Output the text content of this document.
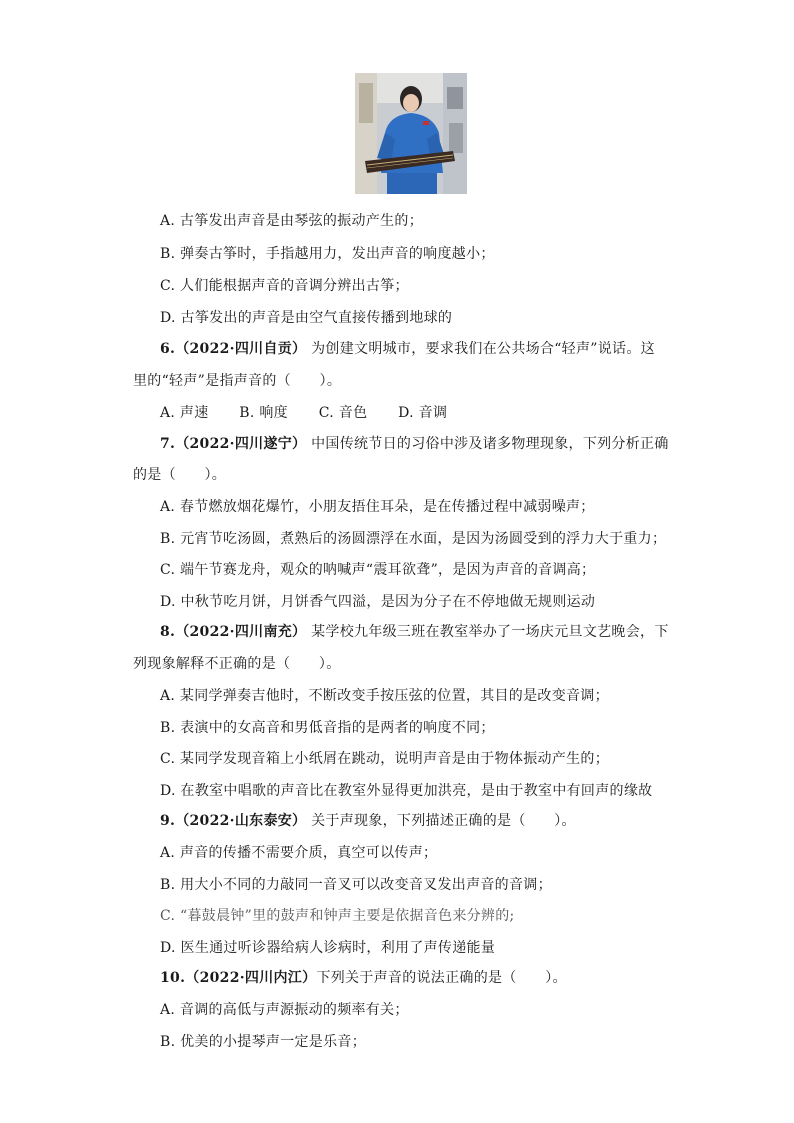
A. 古筝发出声音是由琴弦的振动产生的；
B. 弹奏古筝时，手指越用力，发出声音的响度越小；
C. 人们能根据声音的音调分辨出古筝；
D. 古筝发出的声音是由空气直接传播到地球的
6.（2022·四川自贡） 为创建文明城市，要求我们在公共场合“轻声”说话。这
里的“轻声”是指声音的（　　）。
A. 声速 B. 响度 C. 音色 D. 音调
7.（2022·四川遂宁） 中国传统节日的习俗中涉及诸多物理现象，下列分析正确
的是（　　）。
A. 春节燃放烟花爆竹，小朋友捂住耳朵，是在传播过程中减弱噪声；
B. 元宵节吃汤圆，煮熟后的汤圆漂浮在水面，是因为汤圆受到的浮力大于重力；
C. 端午节赛龙舟，观众的呐喊声“震耳欲聋”，是因为声音的音调高；
D. 中秋节吃月饼，月饼香气四溢，是因为分子在不停地做无规则运动
8.（2022·四川南充） 某学校九年级三班在教室举办了一场庆元旦文艺晚会，下
列现象解释不正确的是（　　）。
A. 某同学弹奏吉他时，不断改变手按压弦的位置，其目的是改变音调；
B. 表演中的女高音和男低音指的是两者的响度不同；
C. 某同学发现音箱上小纸屑在跳动，说明声音是由于物体振动产生的；
D. 在教室中唱歌的声音比在教室外显得更加洪亮，是由于教室中有回声的缘故
9.（2022·山东泰安） 关于声现象，下列描述正确的是（　　）。
A. 声音的传播不需要介质，真空可以传声；
B. 用大小不同的力敲同一音叉可以改变音叉发出声音的音调；
C. “暮鼓晨钟”里的鼓声和钟声主要是依据音色来分辨的;
D. 医生通过听诊器给病人诊病时，利用了声传递能量
10.（2022·四川内江）下列关于声音的说法正确的是（　　）。
A. 音调的高低与声源振动的频率有关；
B. 优美的小提琴声一定是乐音；
